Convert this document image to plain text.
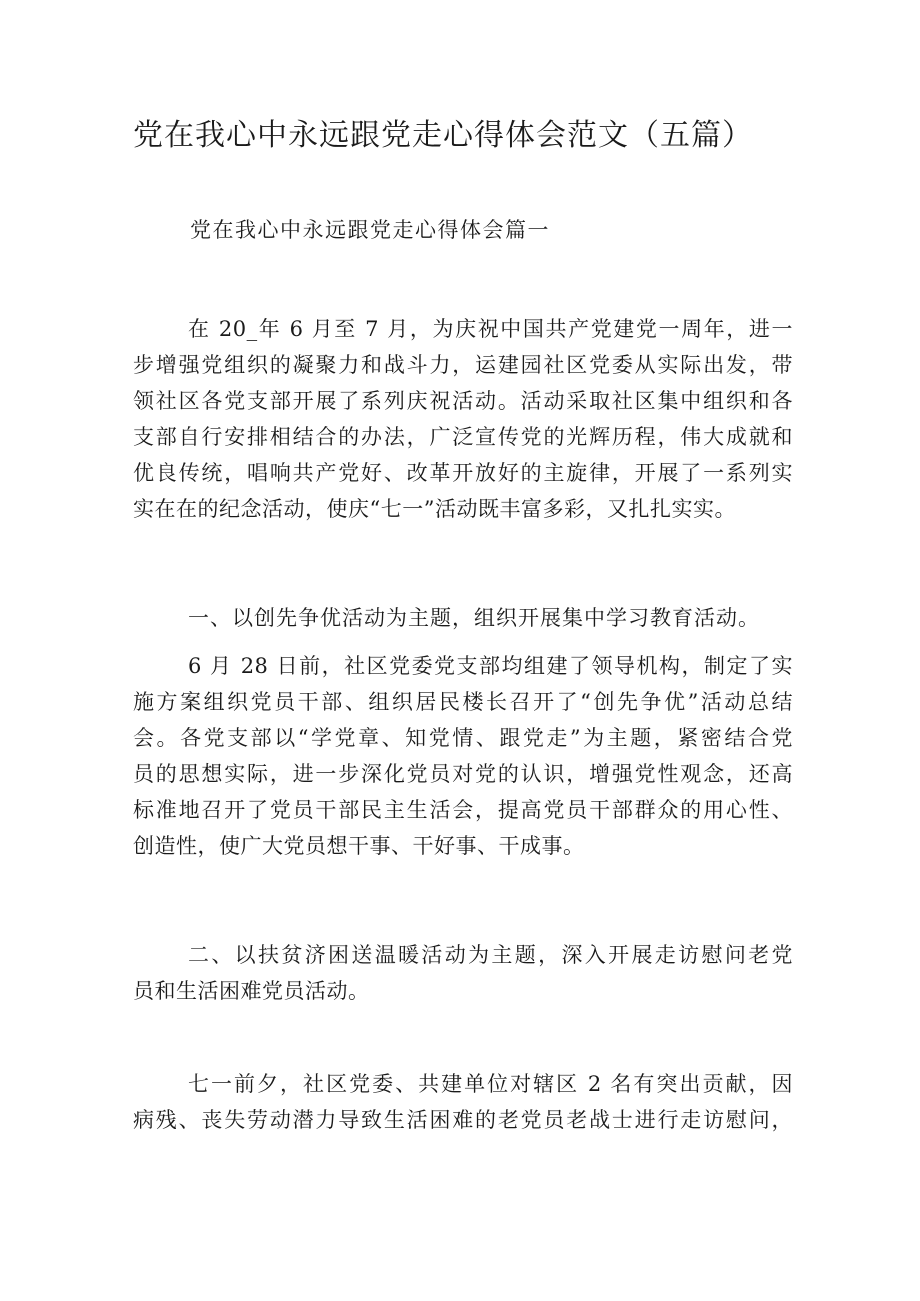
党在我心中永远跟党走心得体会范文（五篇）

党在我心中永远跟党走心得体会篇一

在 20_年 6 月至 7 月，为庆祝中国共产党建党一周年，进一
步增强党组织的凝聚力和战斗力，运建园社区党委从实际出发，带
领社区各党支部开展了系列庆祝活动。活动采取社区集中组织和各
支部自行安排相结合的办法，广泛宣传党的光辉历程，伟大成就和
优良传统，唱响共产党好、改革开放好的主旋律，开展了一系列实
实在在的纪念活动，使庆“七一”活动既丰富多彩，又扎扎实实。
一、以创先争优活动为主题，组织开展集中学习教育活动。
6 月 28 日前，社区党委党支部均组建了领导机构，制定了实
施方案组织党员干部、组织居民楼长召开了“创先争优”活动总结
会。各党支部以“学党章、知党情、跟党走”为主题，紧密结合党
员的思想实际，进一步深化党员对党的认识，增强党性观念，还高
标准地召开了党员干部民主生活会，提高党员干部群众的用心性、
创造性，使广大党员想干事、干好事、干成事。
二、以扶贫济困送温暖活动为主题，深入开展走访慰问老党
员和生活困难党员活动。
七一前夕，社区党委、共建单位对辖区 2 名有突出贡献，因
病残、丧失劳动潜力导致生活困难的老党员老战士进行走访慰问，
